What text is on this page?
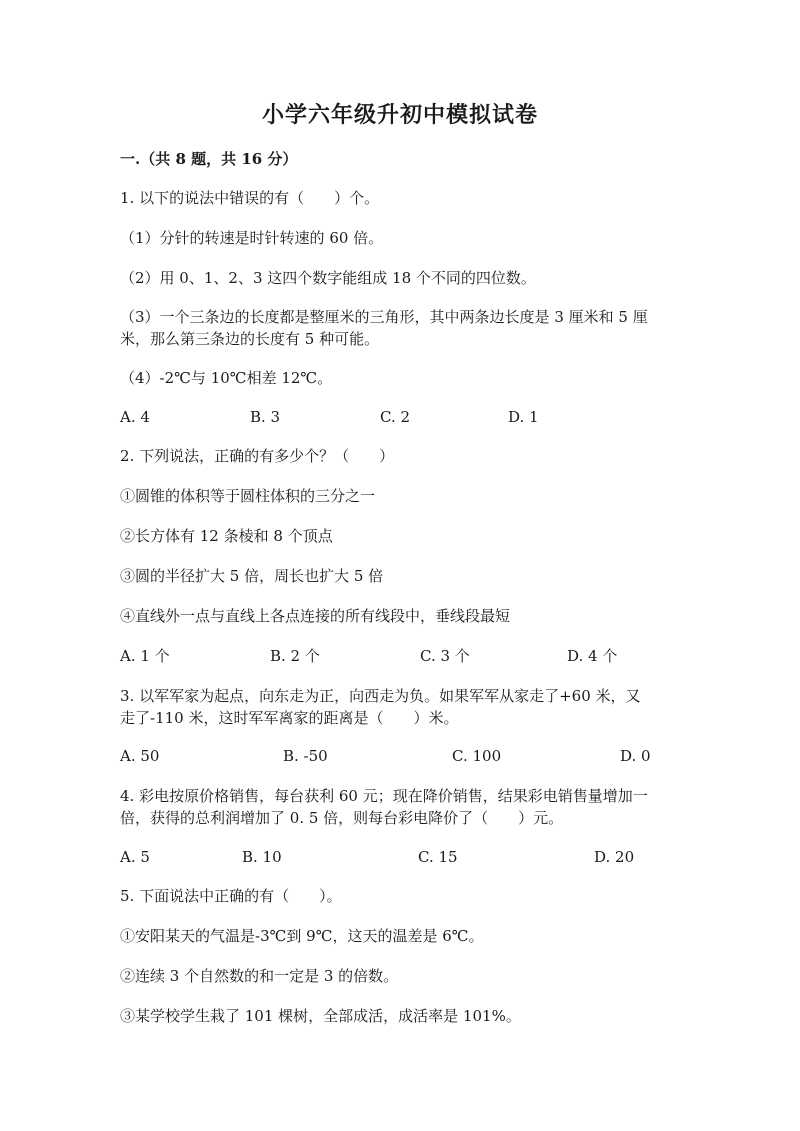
小学六年级升初中模拟试卷
一.（共 8 题，共 16 分）
1. 以下的说法中错误的有（　　）个。
（1）分针的转速是时针转速的 60 倍。
（2）用 0、1、2、3 这四个数字能组成 18 个不同的四位数。
（3）一个三条边的长度都是整厘米的三角形，其中两条边长度是 3 厘米和 5 厘
米，那么第三条边的长度有 5 种可能。
（4）-2℃与 10℃相差 12℃。
A. 4	B. 3	C. 2	D. 1
2. 下列说法，正确的有多少个？（　　）
①圆锥的体积等于圆柱体积的三分之一
②长方体有 12 条棱和 8 个顶点
③圆的半径扩大 5 倍，周长也扩大 5 倍
④直线外一点与直线上各点连接的所有线段中，垂线段最短
A. 1 个	B. 2 个	C. 3 个	D. 4 个
3. 以军军家为起点，向东走为正，向西走为负。如果军军从家走了+60 米，又
走了-110 米，这时军军离家的距离是（　　）米。
A. 50	B. -50	C. 100	D. 0
4. 彩电按原价格销售，每台获利 60 元；现在降价销售，结果彩电销售量增加一
倍，获得的总利润增加了 0. 5 倍，则每台彩电降价了（　　）元。
A. 5	B. 10	C. 15	D. 20
5. 下面说法中正确的有（　　）。
①安阳某天的气温是-3℃到 9℃，这天的温差是 6℃。
②连续 3 个自然数的和一定是 3 的倍数。
③某学校学生栽了 101 棵树，全部成活，成活率是 101%。
